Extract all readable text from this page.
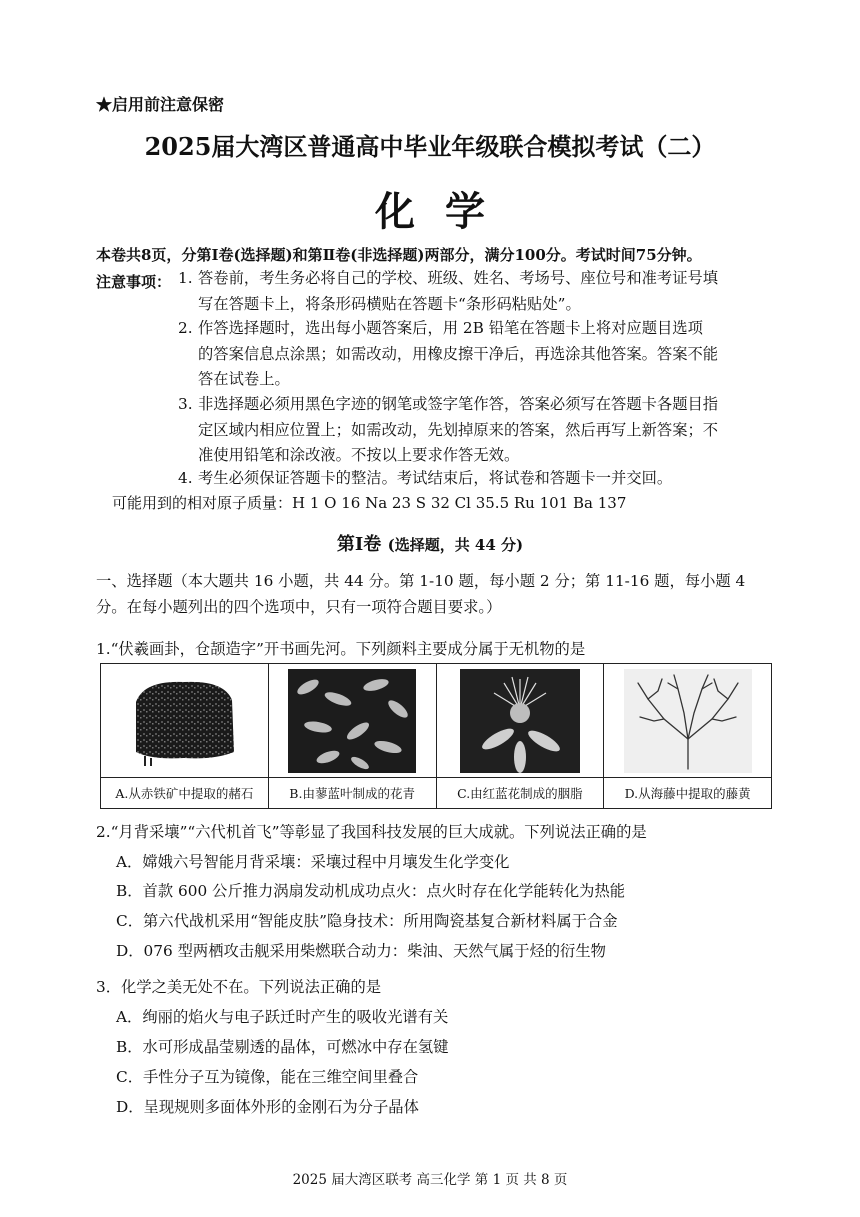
★启用前注意保密
2025届大湾区普通高中毕业年级联合模拟考试（二）
化学
本卷共8页，分第Ⅰ卷(选择题)和第Ⅱ卷(非选择题)两部分，满分100分。考试时间75分钟。
注意事项： 1. 答卷前，考生务必将自己的学校、班级、姓名、考场号、座位号和准考证号填
写在答题卡上，将条形码横贴在答题卡“条形码粘贴处”。
2. 作答选择题时，选出每小题答案后，用 2B 铅笔在答题卡上将对应题目选项
的答案信息点涂黑；如需改动，用橡皮擦干净后，再选涂其他答案。答案不能
答在试卷上。
3. 非选择题必须用黑色字迹的钢笔或签字笔作答，答案必须写在答题卡各题目指
定区域内相应位置上；如需改动，先划掉原来的答案，然后再写上新答案；不
准使用铅笔和涂改液。不按以上要求作答无效。
4. 考生必须保证答题卡的整洁。考试结束后，将试卷和答题卡一并交回。
可能用到的相对原子质量：H 1 O 16 Na 23 S 32 Cl 35.5 Ru 101 Ba 137
第Ⅰ卷 (选择题，共 44 分)
一、选择题（本大题共 16 小题，共 44 分。第 1-10 题，每小题 2 分；第 11-16 题，每小题 4 分。在每小题列出的四个选项中，只有一项符合题目要求。）
1.“伏羲画卦，仓颉造字”开书画先河。下列颜料主要成分属于无机物的是
A.从赤铁矿中提取的赭石	B.由蓼蓝叶制成的花青	C.由红蓝花制成的胭脂	D.从海藤中提取的藤黄
2.“月背采壤”“六代机首飞”等彰显了我国科技发展的巨大成就。下列说法正确的是
A．嫦娥六号智能月背采壤：采壤过程中月壤发生化学变化
B．首款 600 公斤推力涡扇发动机成功点火：点火时存在化学能转化为热能
C．第六代战机采用“智能皮肤”隐身技术：所用陶瓷基复合新材料属于合金
D．076 型两栖攻击舰采用柴燃联合动力：柴油、天然气属于烃的衍生物
3．化学之美无处不在。下列说法正确的是
A．绚丽的焰火与电子跃迁时产生的吸收光谱有关
B．水可形成晶莹剔透的晶体，可燃冰中存在氢键
C．手性分子互为镜像，能在三维空间里叠合
D．呈现规则多面体外形的金刚石为分子晶体
2025 届大湾区联考 高三化学 第 1 页 共 8 页
